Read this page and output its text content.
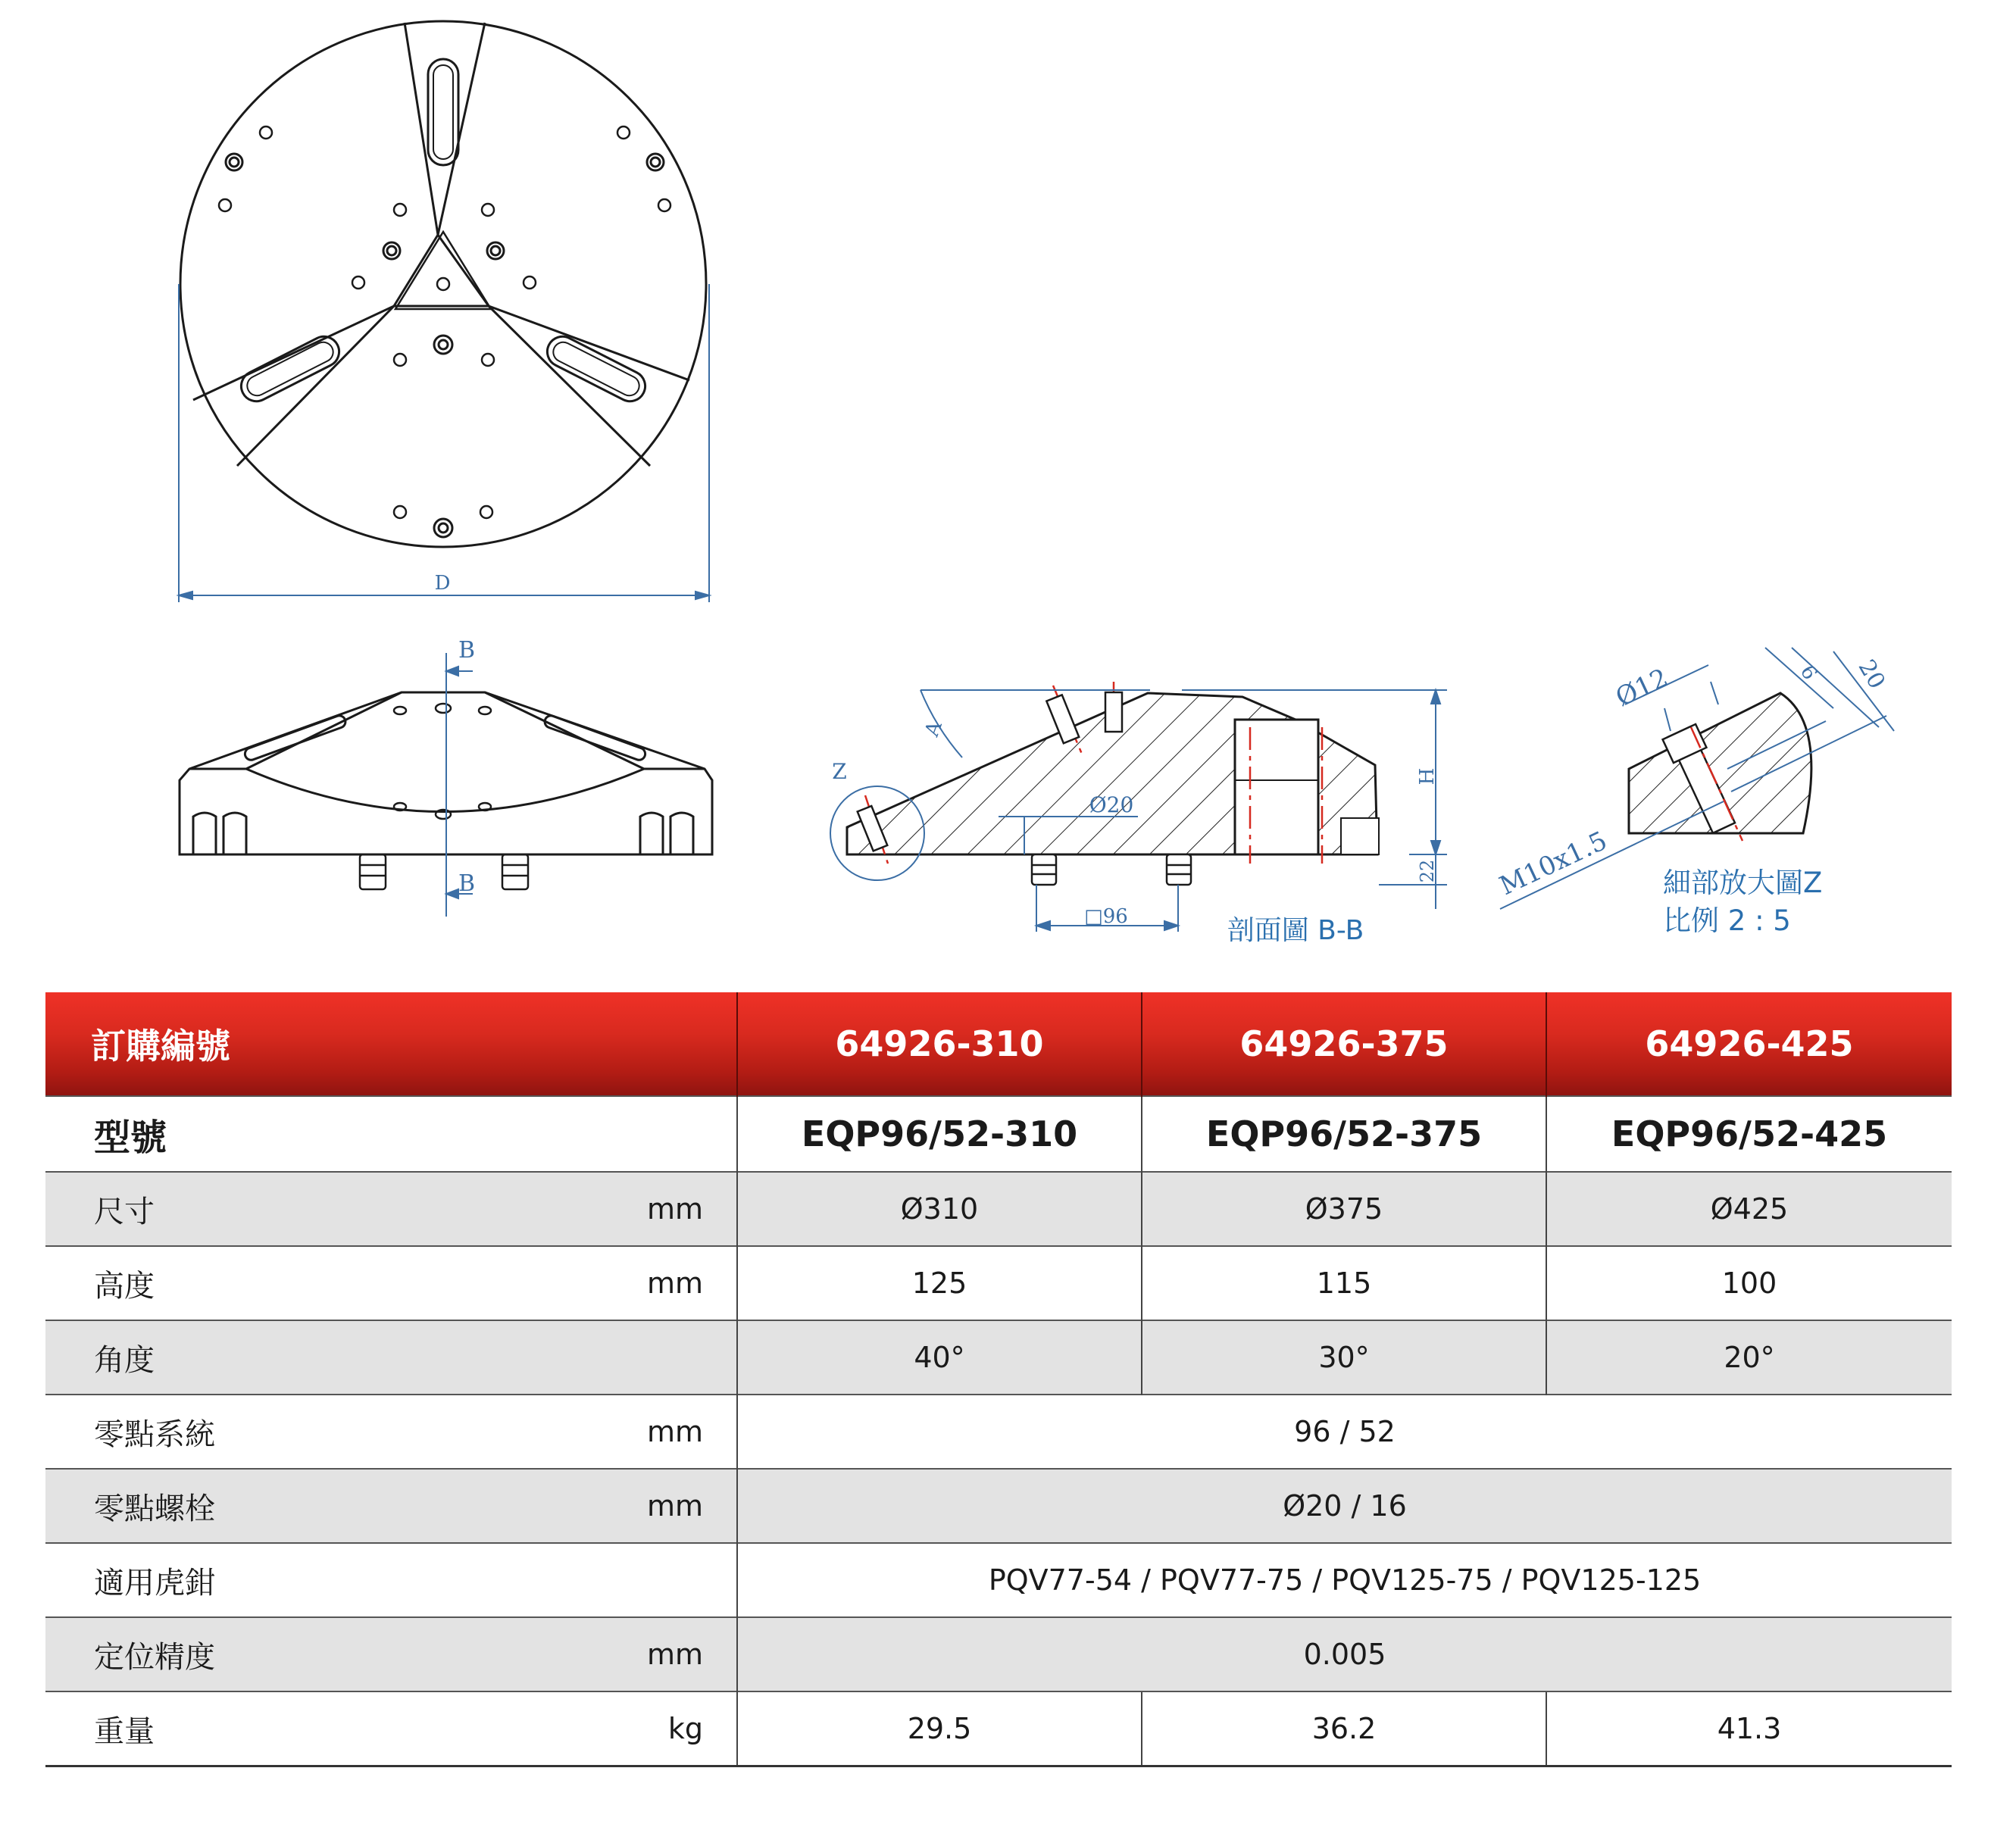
D
B
B
A
Z
Ø20
H
22
□96	剖面圖 B-B
Ø12	6 20
M10x1.5 細部放大圖Z
比例 2 : 5
訂購編號	64926-310	64926-375	64926-425
型號	EQP96/52-310	EQP96/52-375	EQP96/52-425
尺寸 mm	Ø310	Ø375	Ø425
高度 mm	125	115	100
角度	40°	30°	20°
零點系統 mm	96 / 52		
零點螺栓 mm	Ø20 / 16		
適用虎鉗	PQV77-54 / PQV77-75 / PQV125-75 / PQV125-125		
定位精度 mm	0.005		
重量 kg	29.5	36.2	41.3
